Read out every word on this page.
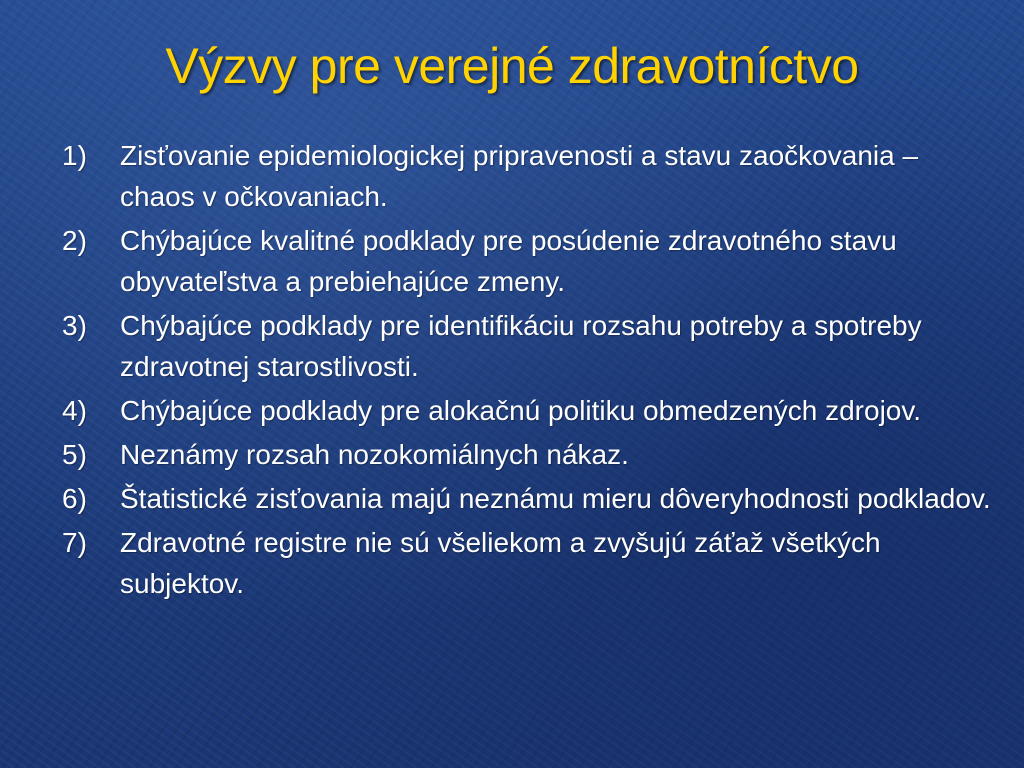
Výzvy pre verejné zdravotníctvo
1)	Zisťovanie epidemiologickej pripravenosti a stavu zaočkovania – chaos v očkovaniach.
2)	Chýbajúce kvalitné podklady pre posúdenie zdravotného stavu obyvateľstva a prebiehajúce zmeny.
3)	Chýbajúce podklady pre identifikáciu rozsahu potreby a spotreby zdravotnej starostlivosti.
4)	Chýbajúce podklady pre alokačnú politiku obmedzených zdrojov.
5)	Neznámy rozsah nozokomiálnych nákaz.
6)	Štatistické zisťovania majú neznámu mieru dôveryhodnosti podkladov.
7)	Zdravotné registre nie sú všeliekom a zvyšujú záťaž všetkých subjektov.
